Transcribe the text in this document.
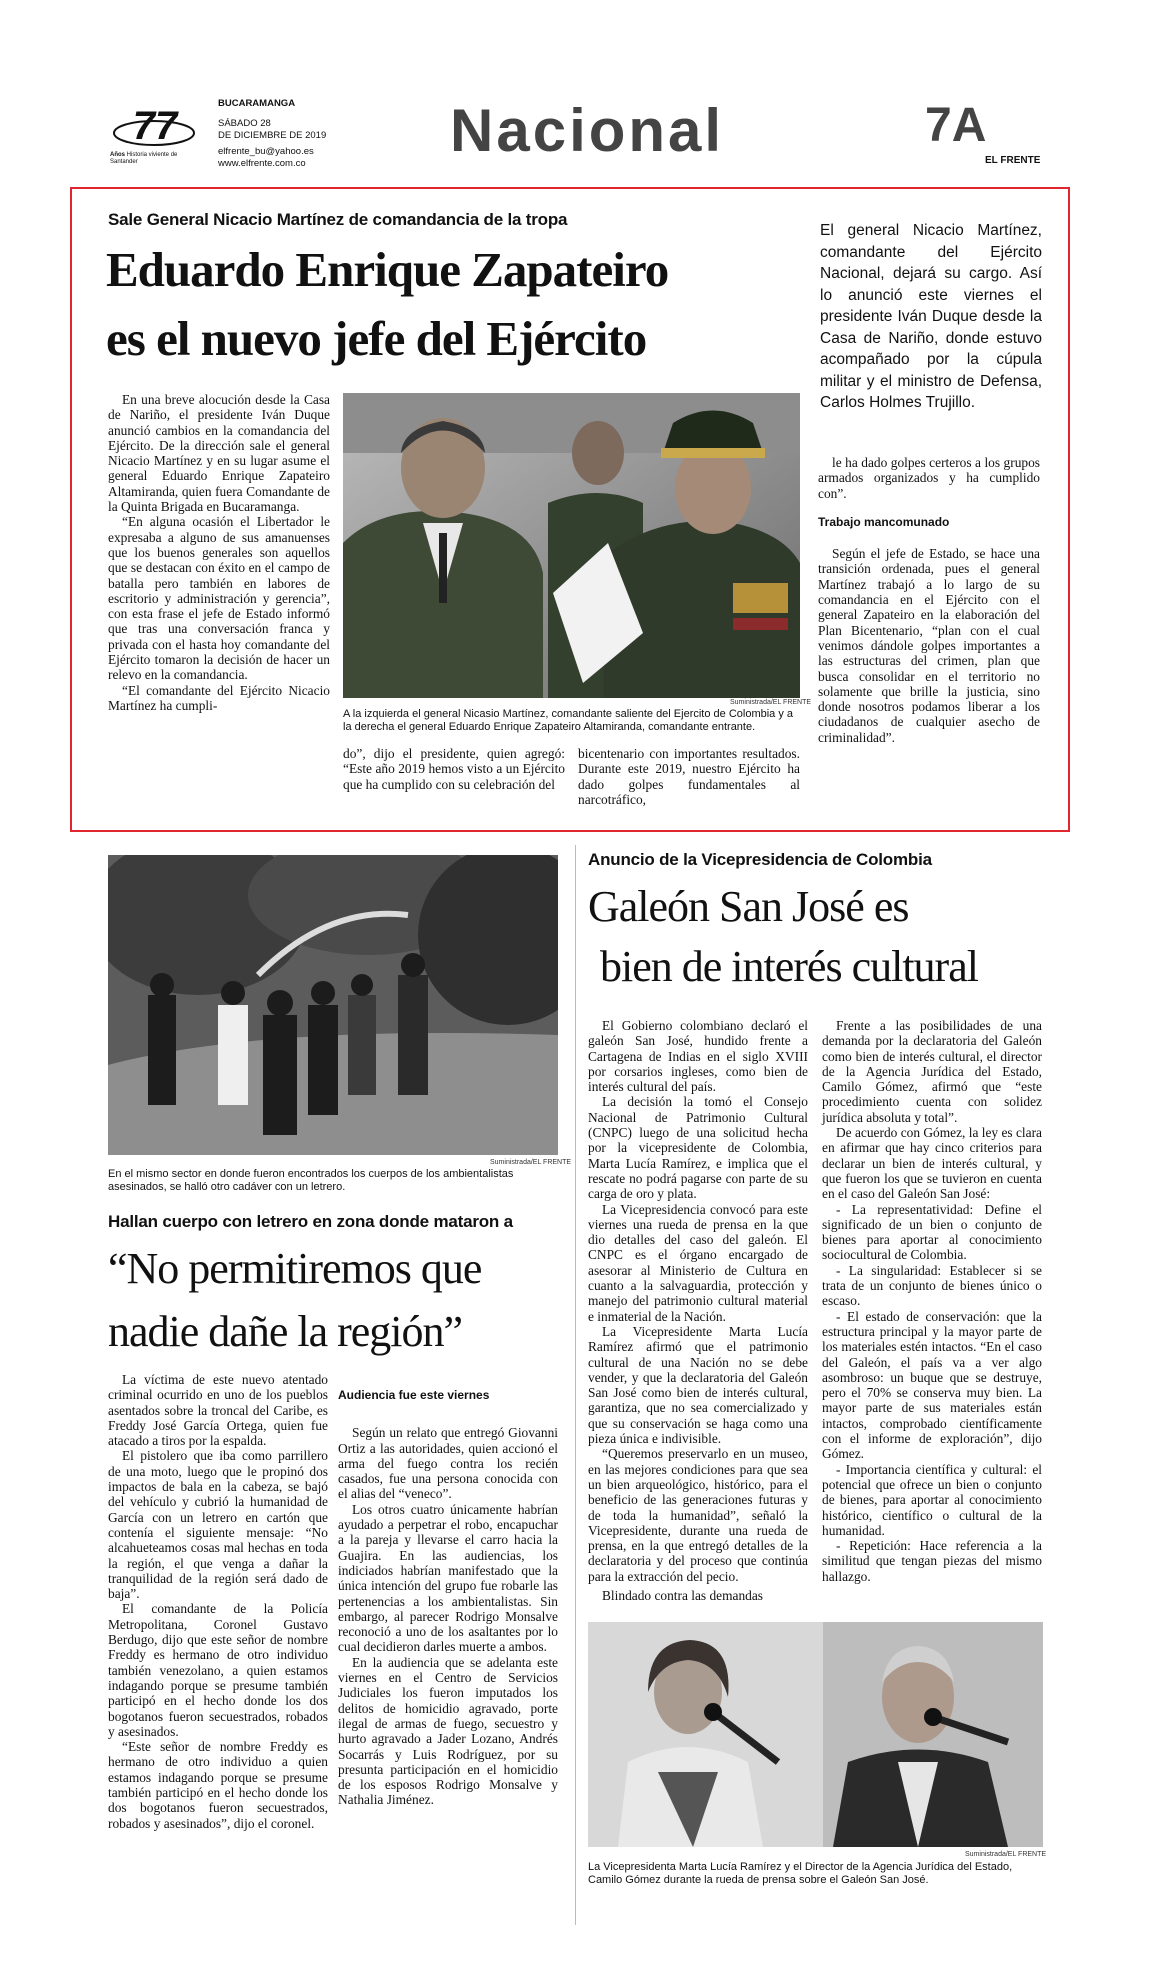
77
Años Historia viviente de Santander
BUCARAMANGA
SÁBADO 28
DE DICIEMBRE DE 2019
elfrente_bu@yahoo.es
www.elfrente.com.co	Nacional	7A
EL FRENTE
Sale General Nicacio Martínez de comandancia de la tropa
Eduardo Enrique Zapateiro
es el nuevo jefe del Ejército
El general Nicacio Martínez, comandante del Ejército Nacional, dejará su cargo. Así lo anunció este viernes el presidente Iván Duque desde la Casa de Nariño, donde estuvo acompañado por la cúpula militar y el ministro de Defensa, Carlos Holmes Trujillo.

En una breve alocución desde la Casa de Nariño, el presidente Iván Duque anunció cambios en la comandancia del Ejército. De la dirección sale el general Nicacio Martínez y en su lugar asume el general Eduardo Enrique Zapateiro Altamiranda, quien fuera Comandante de la Quinta Brigada en Bucaramanga.

“En alguna ocasión el Libertador le expresaba a alguno de sus amanuenses que los buenos generales son aquellos que se destacan con éxito en el campo de batalla pero también en labores de escritorio y administración y gerencia”, con esta frase el jefe de Estado informó que tras una conversación franca y privada con el hasta hoy comandante del Ejército tomaron la decisión de hacer un relevo en la comandancia.

“El comandante del Ejército Nicacio Martínez ha cumpli-	Suministrada/EL FRENTE
A la izquierda el general Nicasio Martínez, comandante saliente del Ejercito de Colombia y a la derecha el general Eduardo Enrique Zapateiro Altamiranda, comandante entrante.

do”, dijo el presidente, quien agregó: “Este año 2019 hemos visto a un Ejército que ha cumplido con su celebración del

bicentenario con importantes resultados. Durante este 2019, nuestro Ejército ha dado golpes fundamentales al narcotráfico,

le ha dado golpes certeros a los grupos armados organizados y ha cumplido con”.

Trabajo mancomunado

Según el jefe de Estado, se hace una transición ordenada, pues el general Martínez trabajó a lo largo de su comandancia en el Ejército con el general Zapateiro en la elaboración del Plan Bicentenario, “plan con el cual venimos dándole golpes importantes a las estructuras del crimen, plan que busca consolidar en el territorio no solamente que brille la justicia, sino donde nosotros podamos liberar a los ciudadanos de cualquier asecho de criminalidad”.

Suministrada/EL FRENTE
En el mismo sector en donde fueron encontrados los cuerpos de los ambientalistas asesinados, se halló otro cadáver con un letrero.
Hallan cuerpo con letrero en zona donde mataron a
“No permitiremos que
nadie dañe la región”

La víctima de este nuevo atentado criminal ocurrido en uno de los pueblos asentados sobre la troncal del Caribe, es Freddy José García Ortega, quien fue atacado a tiros por la espalda.

El pistolero que iba como parrillero de una moto, luego que le propinó dos impactos de bala en la cabeza, se bajó del vehículo y cubrió la humanidad de García con un letrero en cartón que contenía el siguiente mensaje: “No alcahueteamos cosas mal hechas en toda la región, el que venga a dañar la tranquilidad de la región será dado de baja”.

El comandante de la Policía Metropolitana, Coronel Gustavo Berdugo, dijo que este señor de nombre Freddy es hermano de otro individuo también venezolano, a quien estamos indagando porque se presume también participó en el hecho donde los dos bogotanos fueron secuestrados, robados y asesinados.

“Este señor de nombre Freddy es hermano de otro individuo a quien estamos indagando porque se presume también participó en el hecho donde los dos bogotanos fueron secuestrados, robados y asesinados”, dijo el coronel.

Audiencia fue este viernes

Según un relato que entregó Giovanni Ortiz a las autoridades, quien accionó el arma del fuego contra los recién casados, fue una persona conocida con el alias del “veneco”.

Los otros cuatro únicamente habrían ayudado a perpetrar el robo, encapuchar a la pareja y llevarse el carro hacia la Guajira. En las audiencias, los indiciados habrían manifestado que la única intención del grupo fue robarle las pertenencias a los ambientalistas. Sin embargo, al parecer Rodrigo Monsalve reconoció a uno de los asaltantes por lo cual decidieron darles muerte a ambos.

En la audiencia que se adelanta este viernes en el Centro de Servicios Judiciales los fueron imputados los delitos de homicidio agravado, porte ilegal de armas de fuego, secuestro y hurto agravado a Jader Lozano, Andrés Socarrás y Luis Rodríguez, por su presunta participación en el homicidio de los esposos Rodrigo Monsalve y Nathalia Jiménez.

Anuncio de la Vicepresidencia de Colombia
Galeón San José es
bien de interés cultural

El Gobierno colombiano declaró el galeón San José, hundido frente a Cartagena de Indias en el siglo XVIII por corsarios ingleses, como bien de interés cultural del país.

La decisión la tomó el Consejo Nacional de Patrimonio Cultural (CNPC) luego de una solicitud hecha por la vicepresidente de Colombia, Marta Lucía Ramírez, e implica que el rescate no podrá pagarse con parte de su carga de oro y plata.

La Vicepresidencia convocó para este viernes una rueda de prensa en la que dio detalles del caso del galeón. El CNPC es el órgano encargado de asesorar al Ministerio de Cultura en cuanto a la salvaguardia, protección y manejo del patrimonio cultural material e inmaterial de la Nación.

La Vicepresidente Marta Lucía Ramírez afirmó que el patrimonio cultural de una Nación no se debe vender, y que la declaratoria del Galeón San José como bien de interés cultural, garantiza, que no sea comercializado y que su conservación se haga como una pieza única e indivisible.

“Queremos preservarlo en un museo, en las mejores condiciones para que sea un bien arqueológico, histórico, para el beneficio de las generaciones futuras y de toda la humanidad”, señaló la Vicepresidente, durante una rueda de prensa, en la que entregó detalles de la declaratoria y del proceso que continúa para la extracción del pecio.

Blindado contra las demandas

Frente a las posibilidades de una demanda por la declaratoria del Galeón como bien de interés cultural, el director de la Agencia Jurídica del Estado, Camilo Gómez, afirmó que “este procedimiento cuenta con solidez jurídica absoluta y total”.

De acuerdo con Gómez, la ley es clara en afirmar que hay cinco criterios para declarar un bien de interés cultural, y que fueron los que se tuvieron en cuenta en el caso del Galeón San José:

- La representatividad: Define el significado de un bien o conjunto de bienes para aportar al conocimiento sociocultural de Colombia.

- La singularidad: Establecer si se trata de un conjunto de bienes único o escaso.

- El estado de conservación: que la estructura principal y la mayor parte de los materiales estén intactos. “En el caso del Galeón, el país va a ver algo asombroso: un buque que se destruye, pero el 70% se conserva muy bien. La mayor parte de sus materiales están intactos, comprobado científicamente con el informe de exploración”, dijo Gómez.

- Importancia científica y cultural: el potencial que ofrece un bien o conjunto de bienes, para aportar al conocimiento histórico, científico o cultural de la humanidad.

- Repetición: Hace referencia a la similitud que tengan piezas del mismo hallazgo.

Suministrada/EL FRENTE
La Vicepresidenta Marta Lucía Ramírez y el Director de la Agencia Jurídica del Estado, Camilo Gómez durante la rueda de prensa sobre el Galeón San José.
